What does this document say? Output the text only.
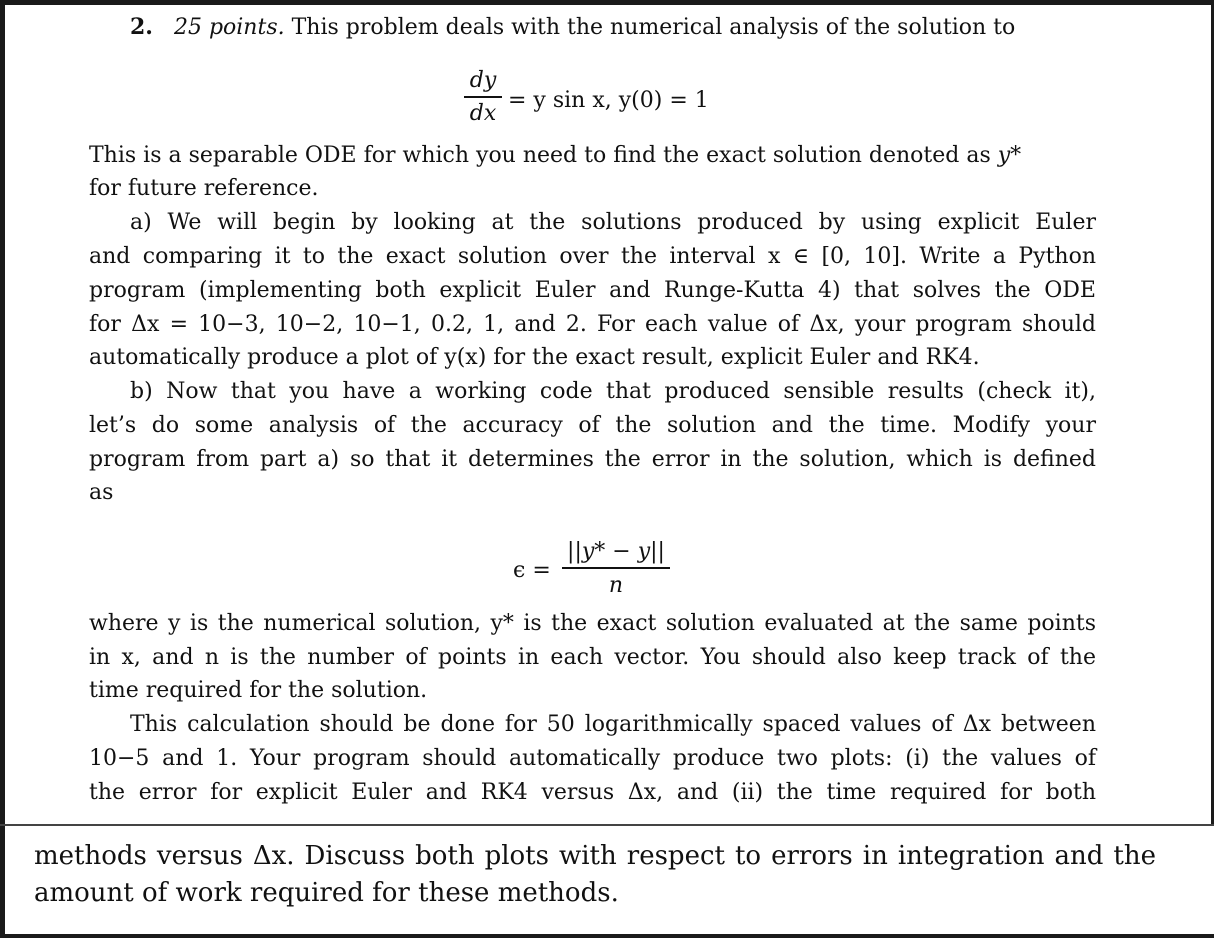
2. 25 points. This problem deals with the numerical analysis of the solution to
dy
dx = y sin x, y(0) = 1
This is a separable ODE for which you need to find the exact solution denoted as y*
for future reference.
a) We will begin by looking at the solutions produced by using explicit Euler
and comparing it to the exact solution over the interval x ∈ [0, 10]. Write a Python
program (implementing both explicit Euler and Runge-Kutta 4) that solves the ODE
for Δx = 10−3, 10−2, 10−1, 0.2, 1, and 2. For each value of Δx, your program should
automatically produce a plot of y(x) for the exact result, explicit Euler and RK4.
b) Now that you have a working code that produced sensible results (check it),
let’s do some analysis of the accuracy of the solution and the time. Modify your
program from part a) so that it determines the error in the solution, which is defined
as
ϵ =
||y* − y||
n
where y is the numerical solution, y* is the exact solution evaluated at the same points
in x, and n is the number of points in each vector. You should also keep track of the
time required for the solution.
This calculation should be done for 50 logarithmically spaced values of Δx between
10−5 and 1. Your program should automatically produce two plots: (i) the values of
the error for explicit Euler and RK4 versus Δx, and (ii) the time required for both
methods versus Δx. Discuss both plots with respect to errors in integration and the
amount of work required for these methods.
